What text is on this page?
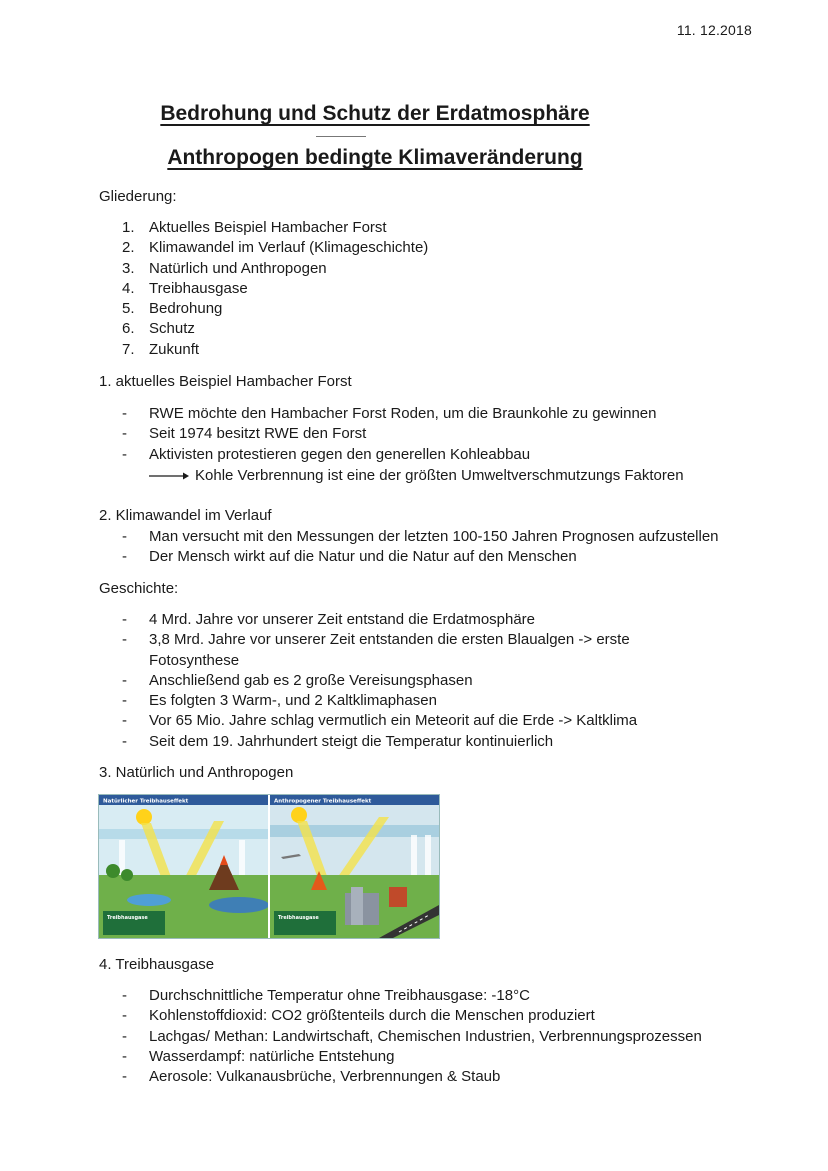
11. 12.2018
Bedrohung und Schutz der Erdatmosphäre
Anthropogen bedingte Klimaveränderung
Gliederung:
1. Aktuelles Beispiel Hambacher Forst
2. Klimawandel im Verlauf (Klimageschichte)
3. Natürlich und Anthropogen
4. Treibhausgase
5. Bedrohung
6. Schutz
7. Zukunft
1. aktuelles Beispiel Hambacher Forst
-	RWE möchte den Hambacher Forst Roden, um die Braunkohle zu gewinnen
-	Seit 1974 besitzt RWE den Forst
-	Aktivisten protestieren gegen den generellen Kohleabbau
Kohle Verbrennung ist eine der größten Umweltverschmutzungs Faktoren
2. Klimawandel im Verlauf
-	Man versucht mit den Messungen der letzten 100-150 Jahren Prognosen aufzustellen
-	Der Mensch wirkt auf die Natur und die Natur auf den Menschen
Geschichte:
-	4 Mrd. Jahre vor unserer Zeit entstand die Erdatmosphäre
-	3,8 Mrd. Jahre vor unserer Zeit entstanden die ersten Blaualgen -> erste Fotosynthese
-	Anschließend gab es 2 große Vereisungsphasen
-	Es folgten 3 Warm-, und 2 Kaltklimaphasen
-	Vor 65 Mio. Jahre schlag vermutlich ein Meteorit auf die Erde -> Kaltklima
-	Seit dem 19. Jahrhundert steigt die Temperatur kontinuierlich
3. Natürlich und Anthropogen
Natürlicher Treibhauseffekt
Treibhausgase
Anthropogener Treibhauseffekt
Treibhausgase
4. Treibhausgase
-	Durchschnittliche Temperatur ohne Treibhausgase: -18°C
-	Kohlenstoffdioxid: CO2 größtenteils durch die Menschen produziert
-	Lachgas/ Methan: Landwirtschaft, Chemischen Industrien, Verbrennungsprozessen
-	Wasserdampf: natürliche Entstehung
-	Aerosole: Vulkanausbrüche, Verbrennungen & Staub
